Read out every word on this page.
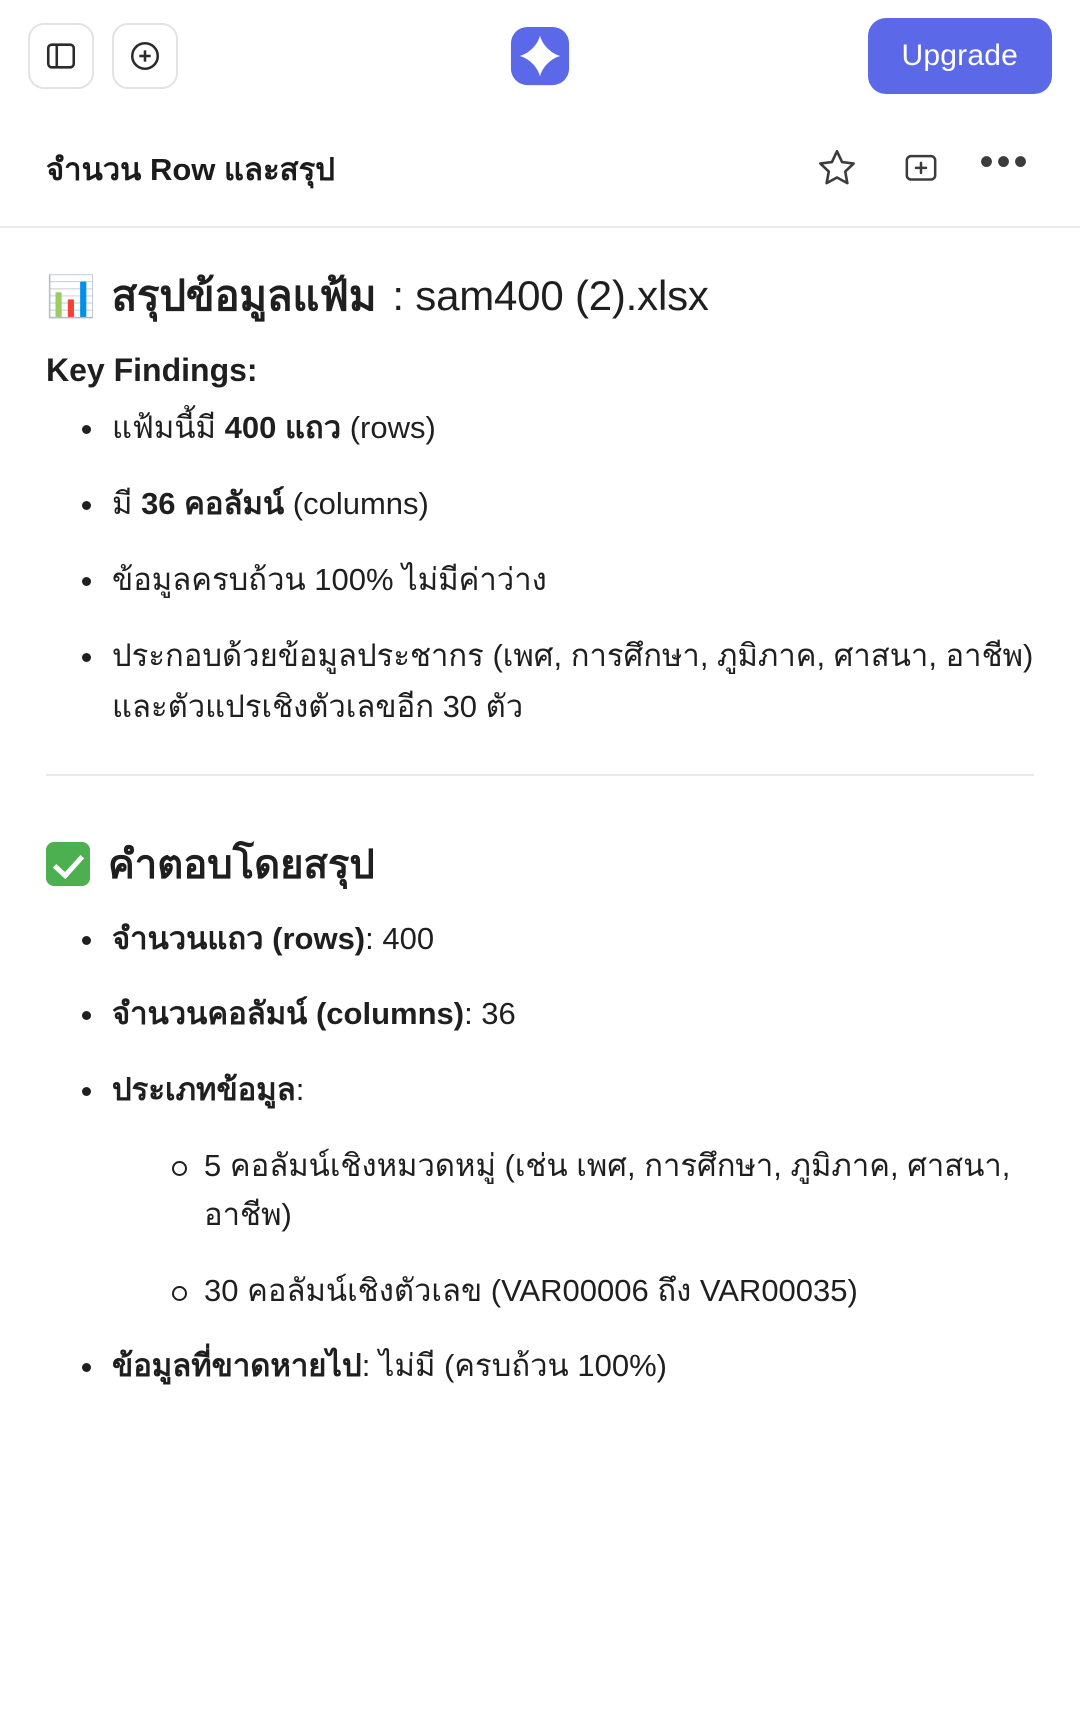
Upgrade
จำนวน Row และสรุป	•••
📊 สรุปข้อมูลแฟ้ม : sam400 (2).xlsx
Key Findings:
แฟ้มนี้มี 400 แถว (rows)
มี 36 คอลัมน์ (columns)
ข้อมูลครบถ้วน 100% ไม่มีค่าว่าง
ประกอบด้วยข้อมูลประชากร (เพศ, การศึกษา, ภูมิภาค, ศาสนา, อาชีพ) และตัวแปรเชิงตัวเลขอีก 30 ตัว
คำตอบโดยสรุป
จำนวนแถว (rows): 400
จำนวนคอลัมน์ (columns): 36
ประเภทข้อมูล:
5 คอลัมน์เชิงหมวดหมู่ (เช่น เพศ, การศึกษา, ภูมิภาค, ศาสนา, อาชีพ)
30 คอลัมน์เชิงตัวเลข (VAR00006 ถึง VAR00035)
ข้อมูลที่ขาดหายไป: ไม่มี (ครบถ้วน 100%)
